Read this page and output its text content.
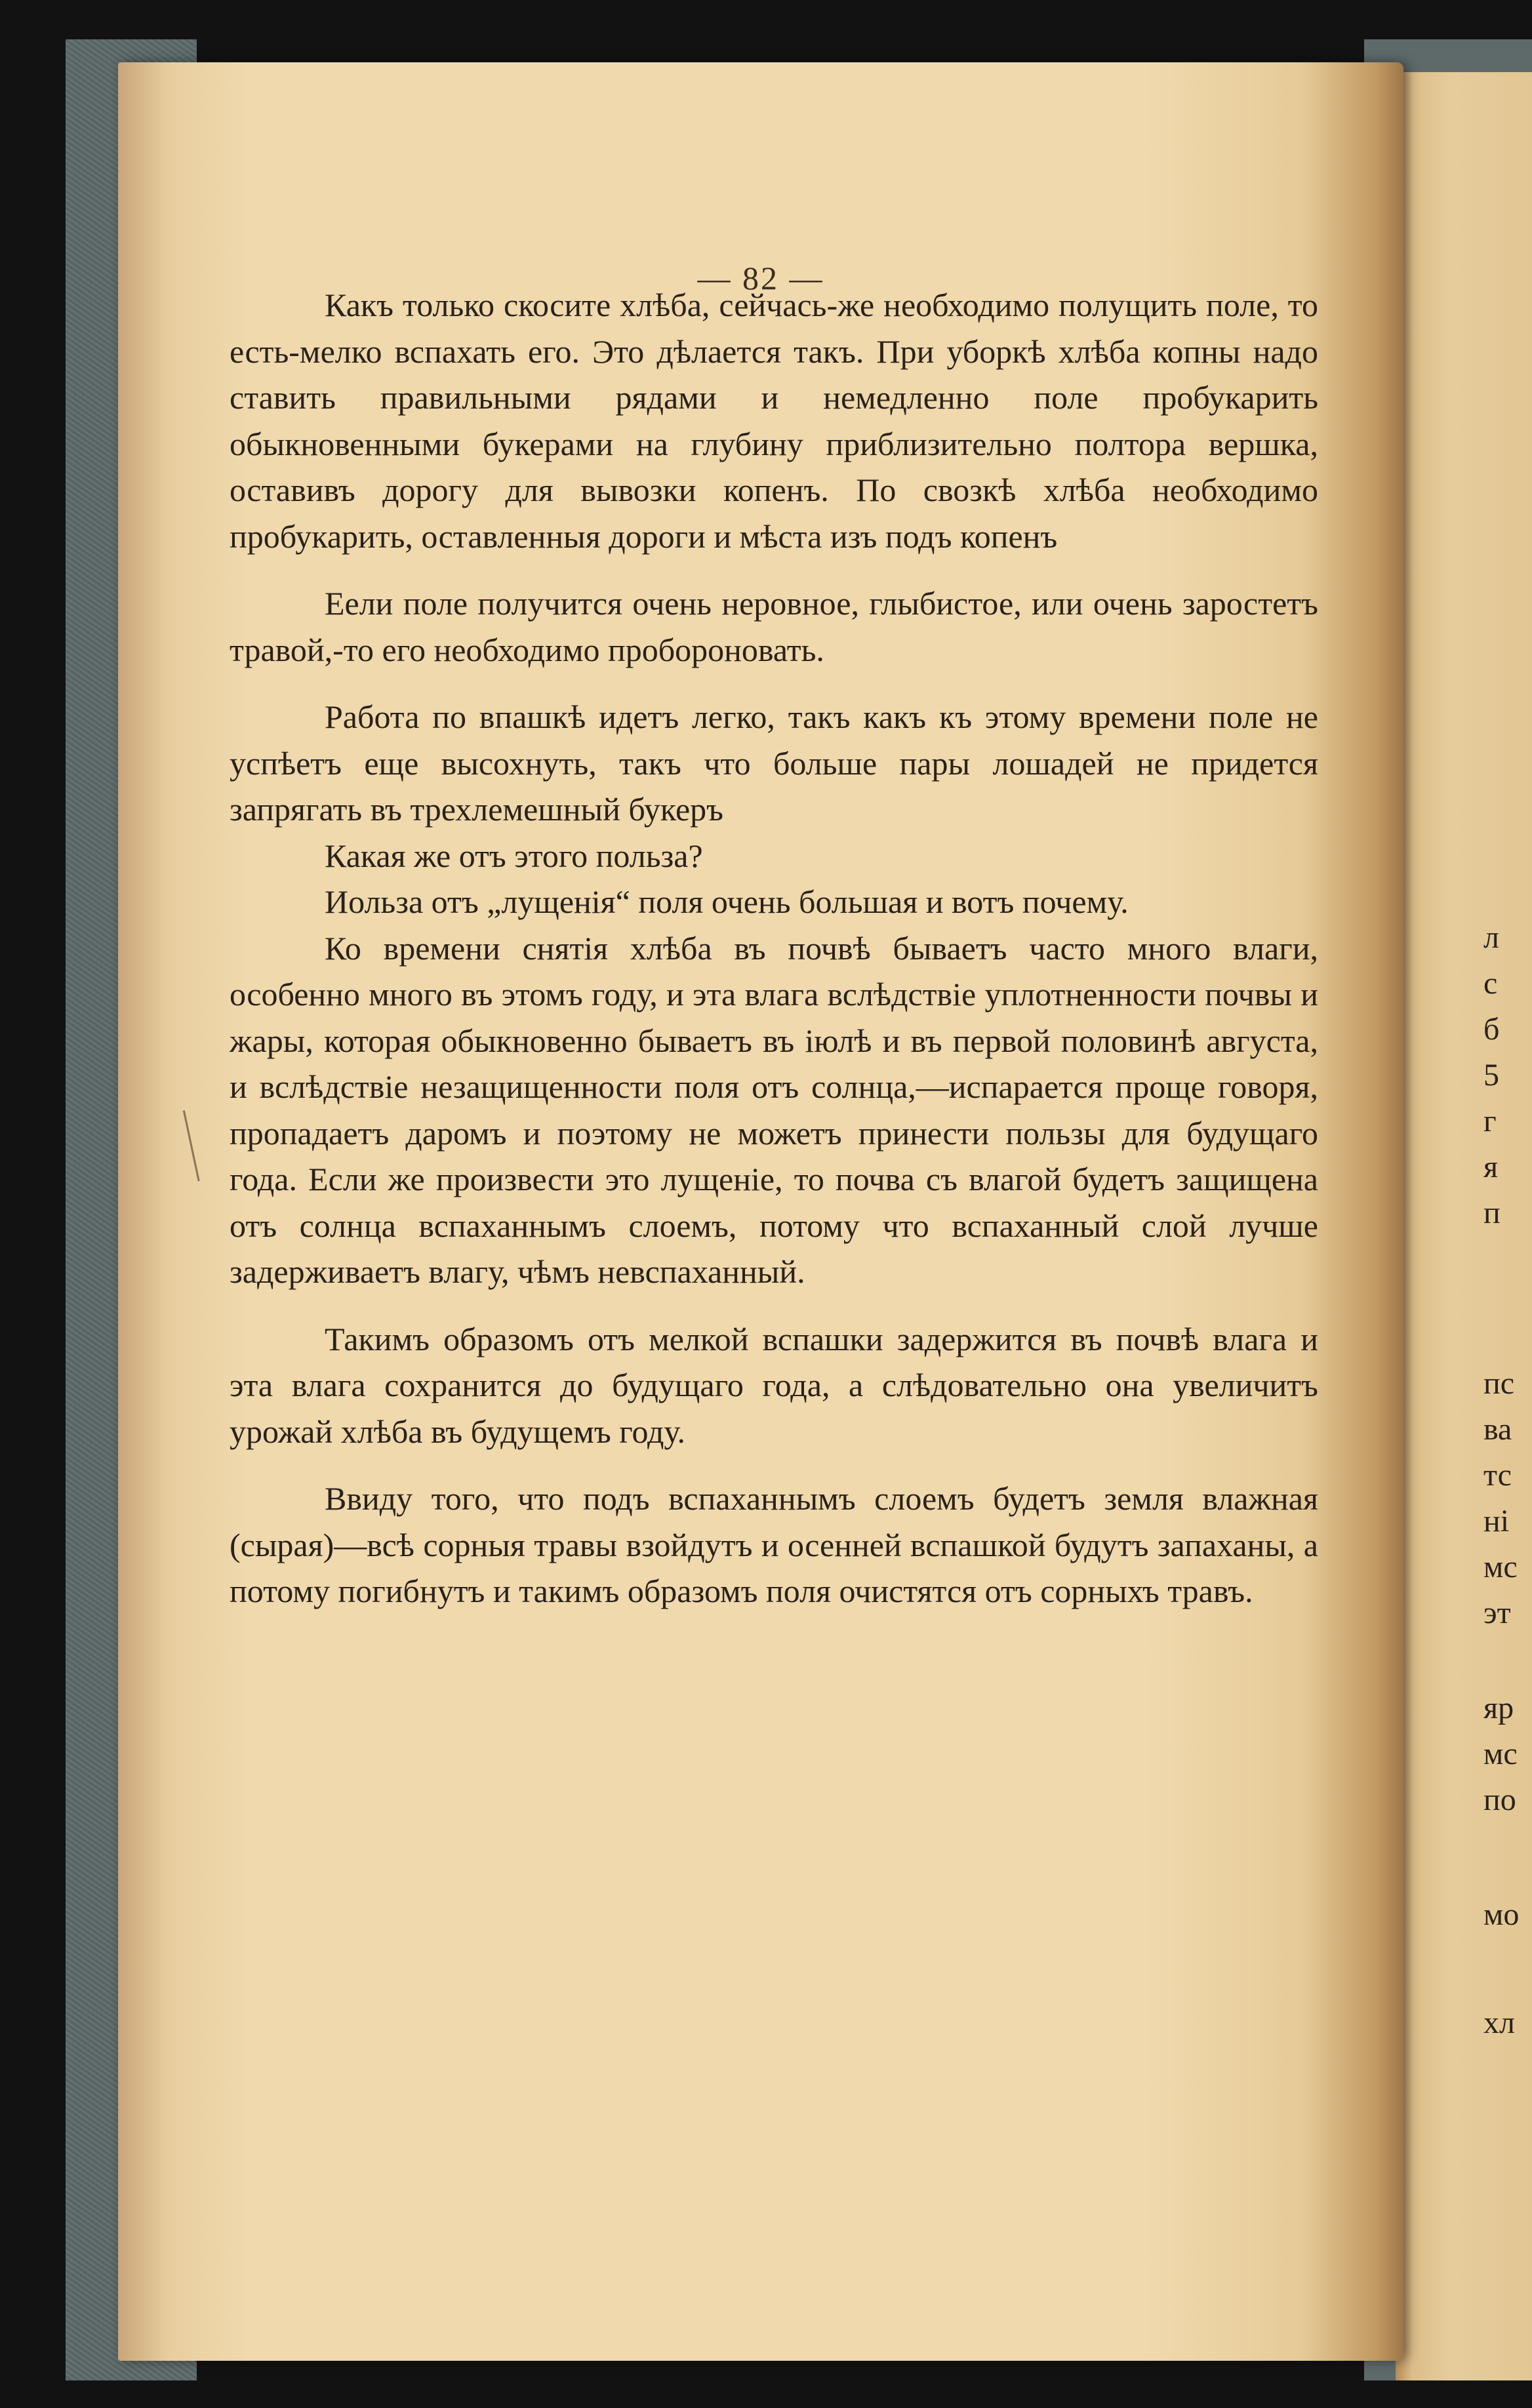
— 82 —

Какъ только скосите хлѣба, сейчась-же необходимо полущить поле, то есть-мелко вспахать его. Это дѣлается такъ. При уборкѣ хлѣба копны надо ставить правильными рядами и немедленно поле пробукарить обыкновенными букерами на глубину приблизительно полтора вершка, оставивъ дорогу для вывозки копенъ. По свозкѣ хлѣба необходимо пробукарить, оставленныя дороги и мѣста изъ подъ копенъ

Еели поле получится очень неровное, глыбистое, или очень заростетъ травой,-то его необходимо пробороновать.

Работа по впашкѣ идетъ легко, такъ какъ къ этому времени поле не успѣетъ еще высохнуть, такъ что больше пары лошадей не придется запрягать въ трехлемешный букеръ

Какая же отъ этого польза?

Иольза отъ „лущенія“ поля очень большая и вотъ почему.

Ко времени снятія хлѣба въ почвѣ бываетъ часто много влаги, особенно много въ этомъ году, и эта влага вслѣдствіе уплотненности почвы и жары, которая обыкновенно бываетъ въ іюлѣ и въ первой половинѣ августа, и вслѣдствіе незащищенности поля отъ солнца,—испарается проще говоря, пропадаетъ даромъ и поэтому не можетъ принести пользы для будущаго года. Если же произвести это лущеніе, то почва съ влагой будетъ защищена отъ солнца вспаханнымъ слоемъ, потому что вспаханный слой лучше задерживаетъ влагу, чѣмъ невспаханный.

Такимъ образомъ отъ мелкой вспашки задержится въ почвѣ влага и эта влага сохранится до будущаго года, а слѣдовательно она увеличитъ урожай хлѣба въ будущемъ году.

Ввиду того, что подъ вспаханнымъ слоемъ будетъ земля влажная (сырая)—всѣ сорныя травы взойдутъ и осенней вспашкой будутъ запаханы, а потому погибнутъ и такимъ образомъ поля очистятся отъ сорныхъ травъ.

л
с
б
5
г
я
п
пс
ва
тс
ні
мс
эт
яр
мс
по
мо
хл
